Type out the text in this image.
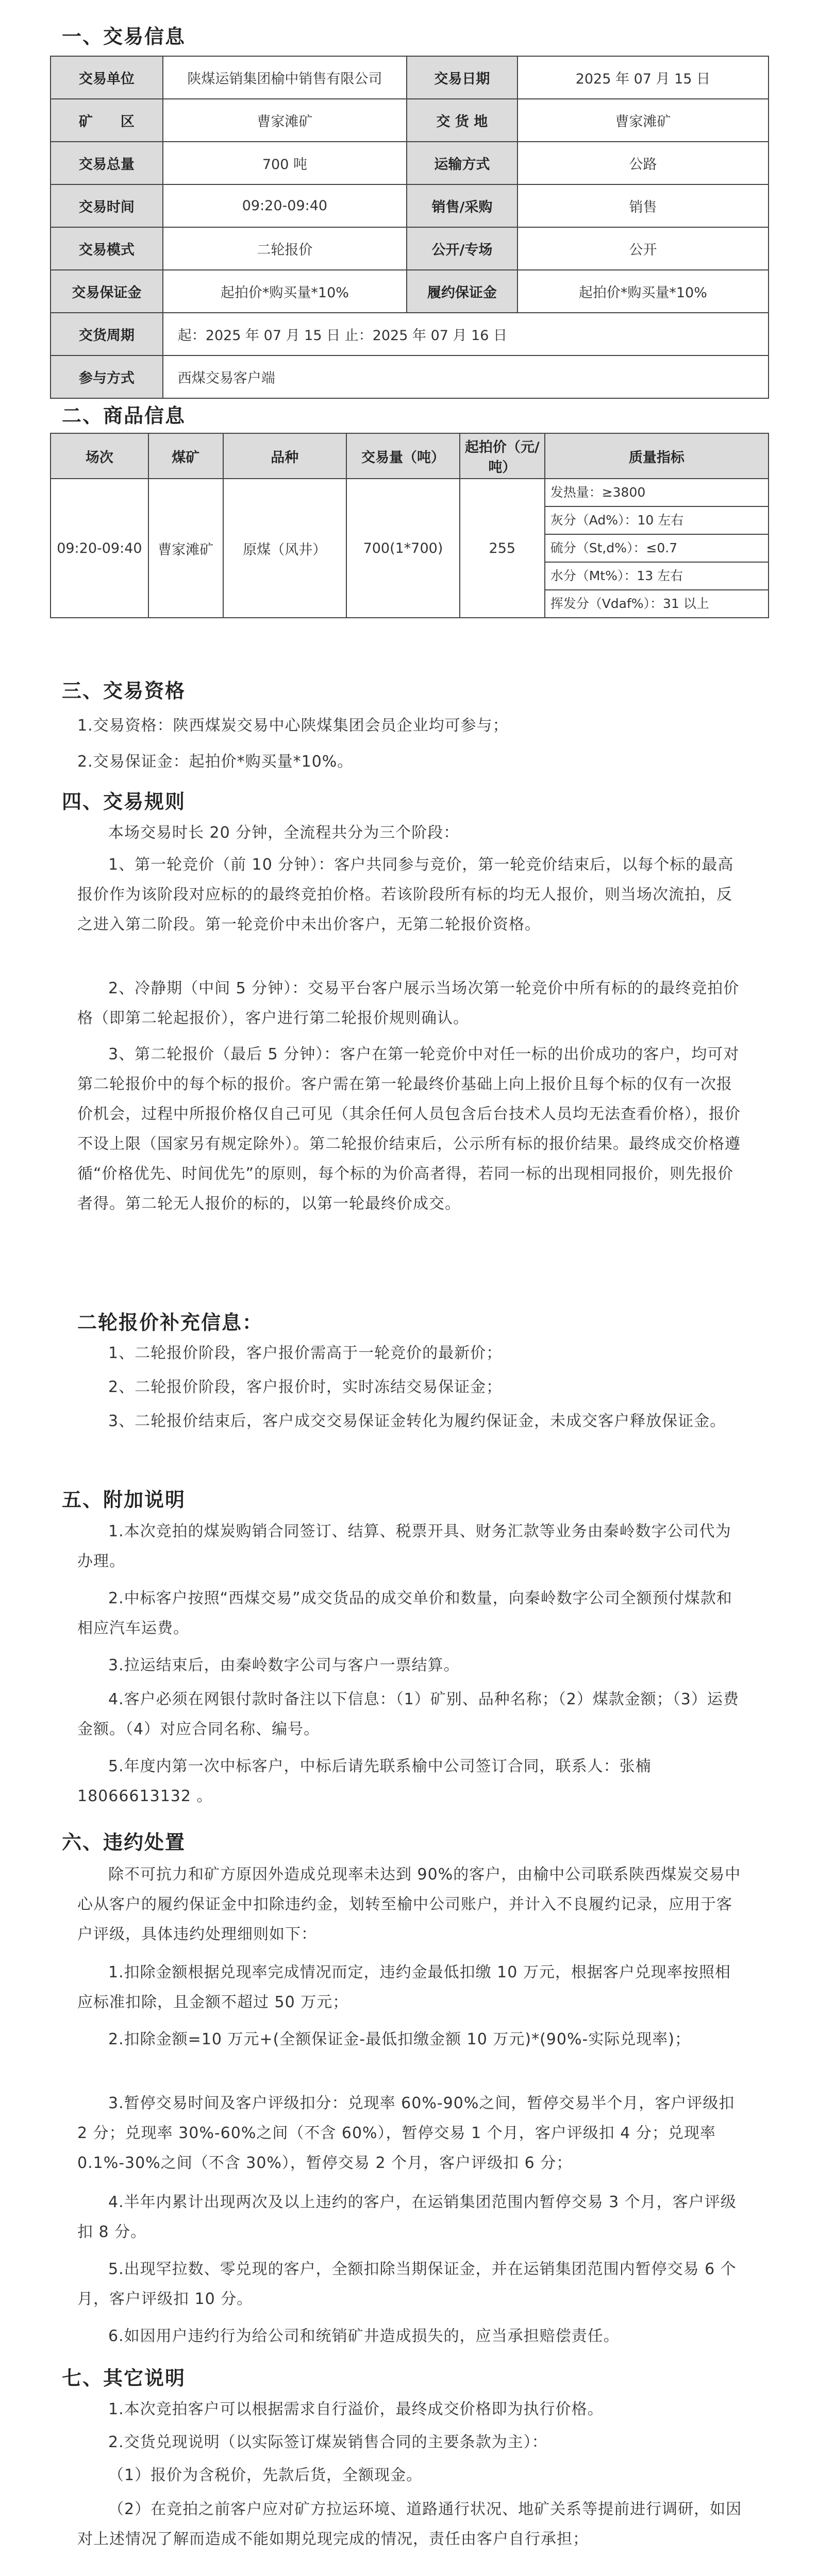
一、交易信息
交易单位	陕煤运销集团榆中销售有限公司	交易日期	2025 年 07 月 15 日
矿　　区	曹家滩矿	交 货 地	曹家滩矿
交易总量	700 吨	运输方式	公路
交易时间	09:20-09:40	销售/采购	销售
交易模式	二轮报价	公开/专场	公开
交易保证金	起拍价*购买量*10%	履约保证金	起拍价*购买量*10%
交货周期	起：2025 年 07 月 15 日 止：2025 年 07 月 16 日		
参与方式	西煤交易客户端		
二、商品信息
场次	煤矿	品种	交易量（吨）	起拍价（元/吨）	质量指标
09:20-09:40	曹家滩矿	原煤（风井）	700(1*700)	255	发热量：≥3800
灰分（Ad%）：10 左右
硫分（St,d%）：≤0.7
水分（Mt%）：13 左右
挥发分（Vdaf%）：31 以上
三、交易资格
1.交易资格：陕西煤炭交易中心陕煤集团会员企业均可参与；
2.交易保证金：起拍价*购买量*10%。
四、交易规则
本场交易时长 20 分钟，全流程共分为三个阶段：
1、第一轮竞价（前 10 分钟）：客户共同参与竞价，第一轮竞价结束后，以每个标的最高报价作为该阶段对应标的的最终竞拍价格。若该阶段所有标的均无人报价，则当场次流拍，反之进入第二阶段。第一轮竞价中未出价客户，无第二轮报价资格。
2、冷静期（中间 5 分钟）：交易平台客户展示当场次第一轮竞价中所有标的的最终竞拍价格（即第二轮起报价），客户进行第二轮报价规则确认。
3、第二轮报价（最后 5 分钟）：客户在第一轮竞价中对任一标的出价成功的客户，均可对第二轮报价中的每个标的报价。客户需在第一轮最终价基础上向上报价且每个标的仅有一次报价机会，过程中所报价格仅自己可见（其余任何人员包含后台技术人员均无法查看价格），报价不设上限（国家另有规定除外）。第二轮报价结束后，公示所有标的报价结果。最终成交价格遵循“价格优先、时间优先”的原则，每个标的为价高者得，若同一标的出现相同报价，则先报价者得。第二轮无人报价的标的，以第一轮最终价成交。
二轮报价补充信息：
1、二轮报价阶段，客户报价需高于一轮竞价的最新价；
2、二轮报价阶段，客户报价时，实时冻结交易保证金；
3、二轮报价结束后，客户成交交易保证金转化为履约保证金，未成交客户释放保证金。
五、附加说明
1.本次竞拍的煤炭购销合同签订、结算、税票开具、财务汇款等业务由秦岭数字公司代为办理。
2.中标客户按照“西煤交易”成交货品的成交单价和数量，向秦岭数字公司全额预付煤款和相应汽车运费。
3.拉运结束后，由秦岭数字公司与客户一票结算。
4.客户必须在网银付款时备注以下信息：（1）矿别、品种名称；（2）煤款金额；（3）运费金额。（4）对应合同名称、编号。
5.年度内第一次中标客户，中标后请先联系榆中公司签订合同，联系人：张楠 18066613132 。
六、违约处置
除不可抗力和矿方原因外造成兑现率未达到 90%的客户，由榆中公司联系陕西煤炭交易中心从客户的履约保证金中扣除违约金，划转至榆中公司账户，并计入不良履约记录，应用于客户评级，具体违约处理细则如下：
1.扣除金额根据兑现率完成情况而定，违约金最低扣缴 10 万元，根据客户兑现率按照相应标准扣除，且金额不超过 50 万元；
2.扣除金额=10 万元+(全额保证金-最低扣缴金额 10 万元)*(90%-实际兑现率)；
3.暂停交易时间及客户评级扣分：兑现率 60%-90%之间，暂停交易半个月，客户评级扣 2 分；兑现率 30%-60%之间（不含 60%），暂停交易 1 个月，客户评级扣 4 分；兑现率 0.1%-30%之间（不含 30%），暂停交易 2 个月，客户评级扣 6 分；
4.半年内累计出现两次及以上违约的客户，在运销集团范围内暂停交易 3 个月，客户评级扣 8 分。
5.出现罕拉数、零兑现的客户，全额扣除当期保证金，并在运销集团范围内暂停交易 6 个月，客户评级扣 10 分。
6.如因用户违约行为给公司和统销矿井造成损失的，应当承担赔偿责任。
七、其它说明
1.本次竞拍客户可以根据需求自行溢价，最终成交价格即为执行价格。
2.交货兑现说明（以实际签订煤炭销售合同的主要条款为主）：
（1）报价为含税价，先款后货，全额现金。
（2）在竞拍之前客户应对矿方拉运环境、道路通行状况、地矿关系等提前进行调研，如因对上述情况了解而造成不能如期兑现完成的情况，责任由客户自行承担；
